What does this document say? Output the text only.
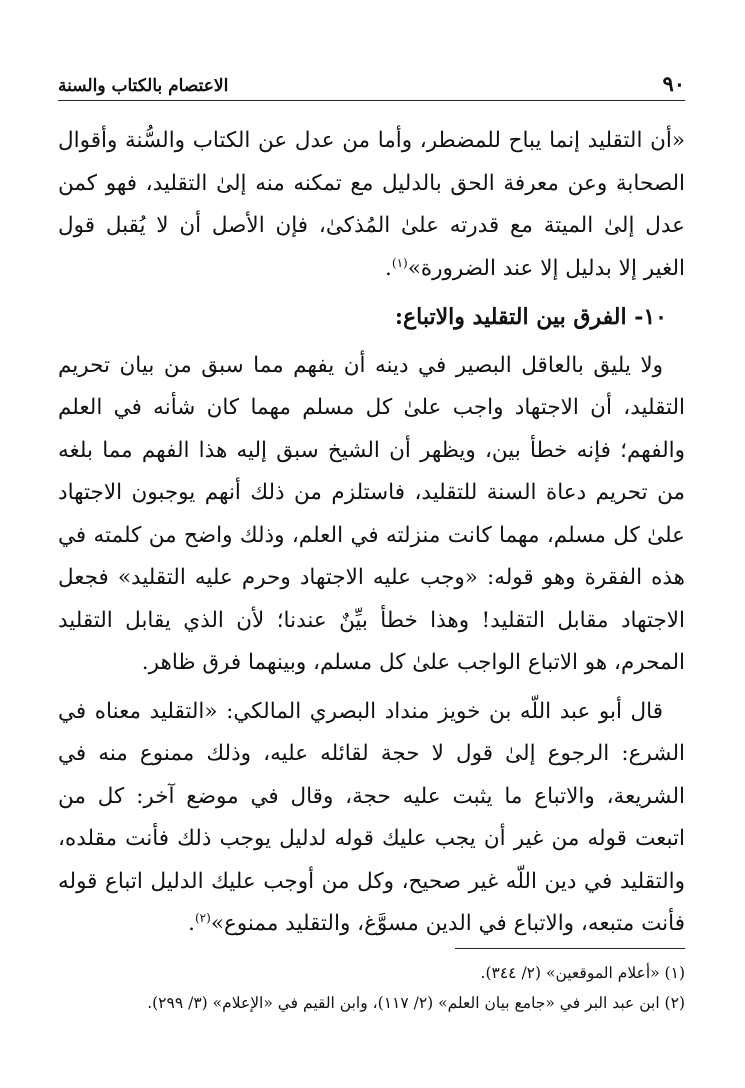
٩٠
الاعتصام بالكتاب والسنة

«أن التقليد إنما يباح للمضطر، وأما من عدل عن الكتاب والسُّنة وأقوال الصحابة وعن معرفة الحق بالدليل مع تمكنه منه إلىٰ التقليد، فهو كمن عدل إلىٰ الميتة مع قدرته علىٰ المُذكىٰ، فإن الأصل أن لا يُقبل قول الغير إلا بدليل إلا عند الضرورة»$^{(١)}$.

١٠- الفرق بين التقليد والاتباع:

ولا يليق بالعاقل البصير في دينه أن يفهم مما سبق من بيان تحريم التقليد، أن الاجتهاد واجب علىٰ كل مسلم مهما كان شأنه في العلم والفهم؛ فإنه خطأ بين، ويظهر أن الشيخ سبق إليه هذا الفهم مما بلغه من تحريم دعاة السنة للتقليد، فاستلزم من ذلك أنهم يوجبون الاجتهاد علىٰ كل مسلم، مهما كانت منزلته في العلم، وذلك واضح من كلمته في هذه الفقرة وهو قوله: «وجب عليه الاجتهاد وحرم عليه التقليد» فجعل الاجتهاد مقابل التقليد! وهذا خطأ بيِّنٌ عندنا؛ لأن الذي يقابل التقليد المحرم، هو الاتباع الواجب علىٰ كل مسلم، وبينهما فرق ظاهر.

قال أبو عبد اللّه بن خويز منداد البصري المالكي: «التقليد معناه في الشرع: الرجوع إلىٰ قول لا حجة لقائله عليه، وذلك ممنوع منه في الشريعة، والاتباع ما يثبت عليه حجة، وقال في موضع آخر: كل من اتبعت قوله من غير أن يجب عليك قوله لدليل يوجب ذلك فأنت مقلده، والتقليد في دين اللّه غير صحيح، وكل من أوجب عليك الدليل اتباع قوله فأنت متبعه، والاتباع في الدين مسوَّغ، والتقليد ممنوع»$^{(٢)}$.

(١) «أعلام الموقعين» (٢/ ٣٤٤).

(٢) ابن عبد البر في «جامع بيان العلم» (٢/ ١١٧)، وابن القيم في «الإعلام» (٣/ ٢٩٩).
